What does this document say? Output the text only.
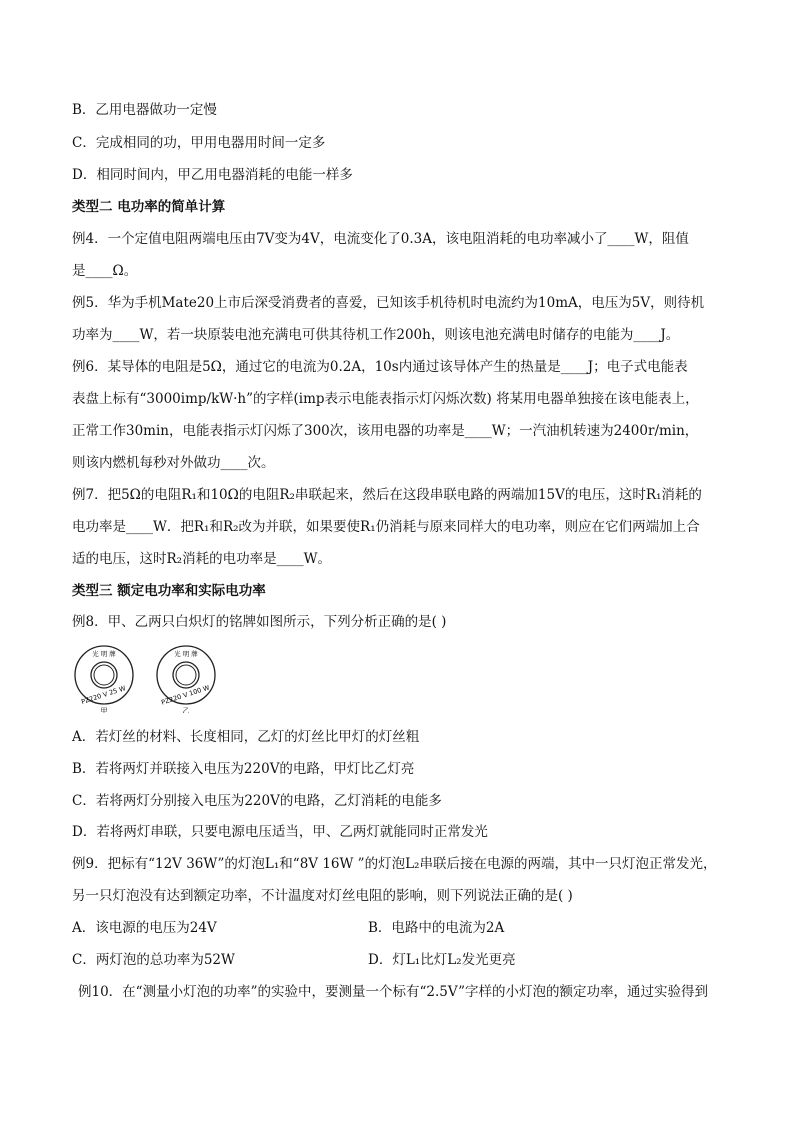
B．乙用电器做功一定慢
C．完成相同的功，甲用电器用时间一定多
D．相同时间内，甲乙用电器消耗的电能一样多
类型二 电功率的简单计算
例4．一个定值电阻两端电压由7V变为4V，电流变化了0.3A，该电阻消耗的电功率减小了____W，阻值
是____Ω。
例5．华为手机Mate20上市后深受消费者的喜爱，已知该手机待机时电流约为10mA，电压为5V，则待机
功率为____W，若一块原装电池充满电可供其待机工作200h，则该电池充满电时储存的电能为____J。
例6．某导体的电阻是5Ω，通过它的电流为0.2A，10s内通过该导体产生的热量是____J；电子式电能表
表盘上标有“3000imp/kW·h”的字样(imp表示电能表指示灯闪烁次数) 将某用电器单独接在该电能表上，
正常工作30min，电能表指示灯闪烁了300次，该用电器的功率是____W；一汽油机转速为2400r/min，
则该内燃机每秒对外做功____次。
例7．把5Ω的电阻R₁和10Ω的电阻R₂串联起来，然后在这段串联电路的两端加15V的电压，这时R₁消耗的
电功率是____W．把R₁和R₂改为并联，如果要使R₁仍消耗与原来同样大的电功率，则应在它们两端加上合
适的电压，这时R₂消耗的电功率是____W。
类型三 额定电功率和实际电功率
例8．甲、乙两只白炽灯的铭牌如图所示，下列分析正确的是( )
光 明 牌
PZ220 V 25 W
甲
光 明 牌
PZ220 V 100 W
乙
A．若灯丝的材料、长度相同，乙灯的灯丝比甲灯的灯丝粗
B．若将两灯并联接入电压为220V的电路，甲灯比乙灯亮
C．若将两灯分别接入电压为220V的电路，乙灯消耗的电能多
D．若将两灯串联，只要电源电压适当，甲、乙两灯就能同时正常发光
例9．把标有“12V 36W”的灯泡L₁和“8V 16W ”的灯泡L₂串联后接在电源的两端，其中一只灯泡正常发光，
另一只灯泡没有达到额定功率，不计温度对灯丝电阻的影响，则下列说法正确的是( )
A．该电源的电压为24V	B．电路中的电流为2A
C．两灯泡的总功率为52W	D．灯L₁比灯L₂发光更亮
例10．在“测量小灯泡的功率”的实验中，要测量一个标有“2.5V”字样的小灯泡的额定功率，通过实验得到
